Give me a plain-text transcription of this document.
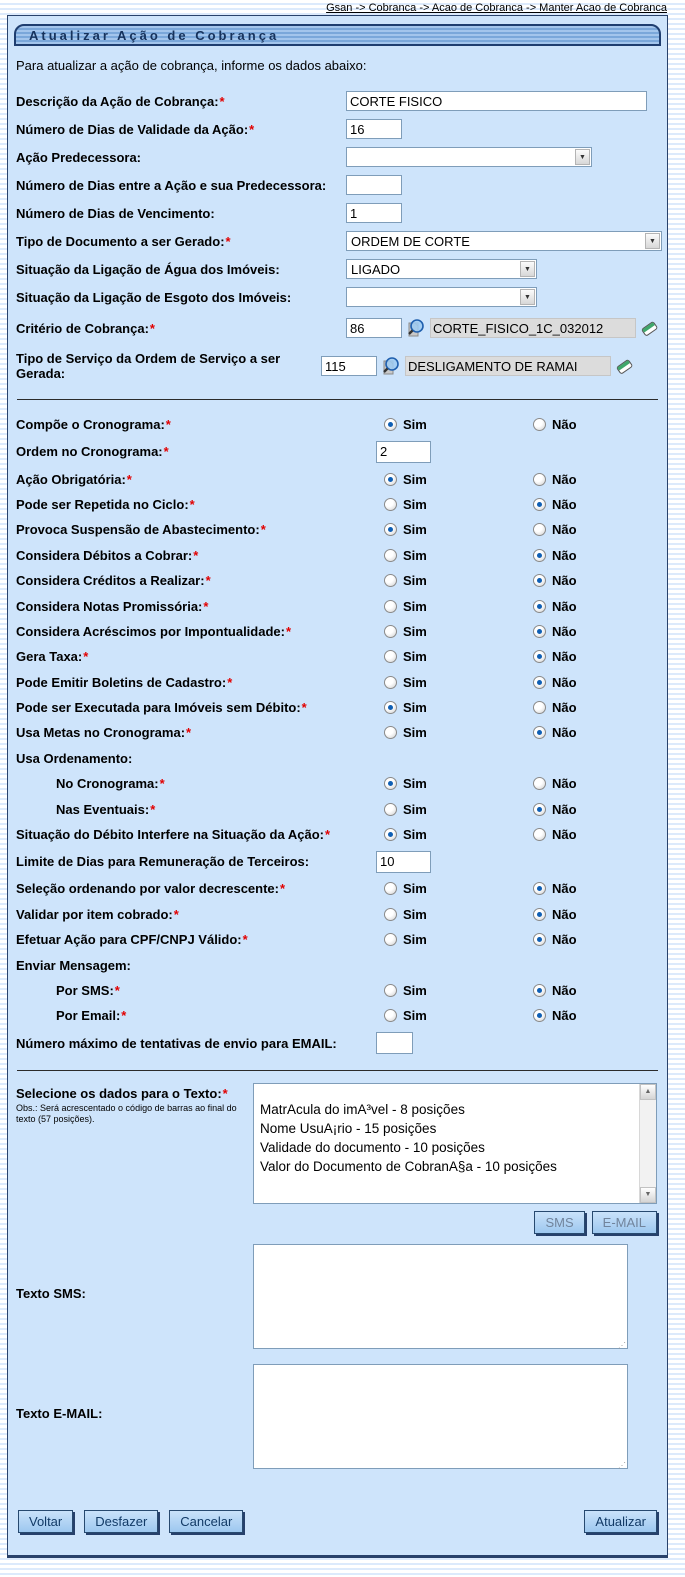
Gsan -> Cobranca -> Acao de Cobranca -> Manter Acao de Cobranca
Atualizar Ação de Cobrança
Para atualizar a ação de cobrança, informe os dados abaixo:
Descrição da Ação de Cobrança:*
CORTE FISICO
Número de Dias de Validade da Ação:*
16
Ação Predecessora:	▼
Número de Dias entre a Ação e sua Predecessora:
Número de Dias de Vencimento:
1
Tipo de Documento a ser Gerado:*	ORDEM DE CORTE	▼
Situação da Ligação de Água dos Imóveis:	LIGADO	▼
Situação da Ligação de Esgoto dos Imóveis:	▼
Critério de Cobrança:*
86	CORTE_FISICO_1C_032012
Tipo de Serviço da Ordem de Serviço a ser Gerada:
115	DESLIGAMENTO DE RAMAI
Compõe o Cronograma:*	Sim	Não
Ordem no Cronograma:*
2
Ação Obrigatória:*	Sim	Não
Pode ser Repetida no Ciclo:*	Sim	Não
Provoca Suspensão de Abastecimento:*	Sim	Não
Considera Débitos a Cobrar:*	Sim	Não
Considera Créditos a Realizar:*	Sim	Não
Considera Notas Promissória:*	Sim	Não
Considera Acréscimos por Impontualidade:*	Sim	Não
Gera Taxa:*	Sim	Não
Pode Emitir Boletins de Cadastro:*	Sim	Não
Pode ser Executada para Imóveis sem Débito:*	Sim	Não
Usa Metas no Cronograma:*	Sim	Não
Usa Ordenamento:
No Cronograma:*	Sim	Não
Nas Eventuais:*	Sim	Não
Situação do Débito Interfere na Situação da Ação:*	Sim	Não
Limite de Dias para Remuneração de Terceiros:
10
Seleção ordenando por valor decrescente:*	Sim	Não
Validar por item cobrado:*	Sim	Não
Efetuar Ação para CPF/CNPJ Válido:*	Sim	Não
Enviar Mensagem:
Por SMS:*	Sim	Não
Por Email:*	Sim	Não
Número máximo de tentativas de envio para EMAIL:
Selecione os dados para o Texto:*
Obs.: Será acrescentado o código de barras ao final do texto (57 posições).
MatrAcula do imA³vel - 8 posições
Nome UsuA¡rio - 15 posições
Validade do documento - 10 posições
Valor do Documento de CobranA§a - 10 posições
▲
▼
SMS	E-MAIL
Texto SMS:
⋰
Texto E-MAIL:
⋰
Voltar	Desfazer	Cancelar	Atualizar
